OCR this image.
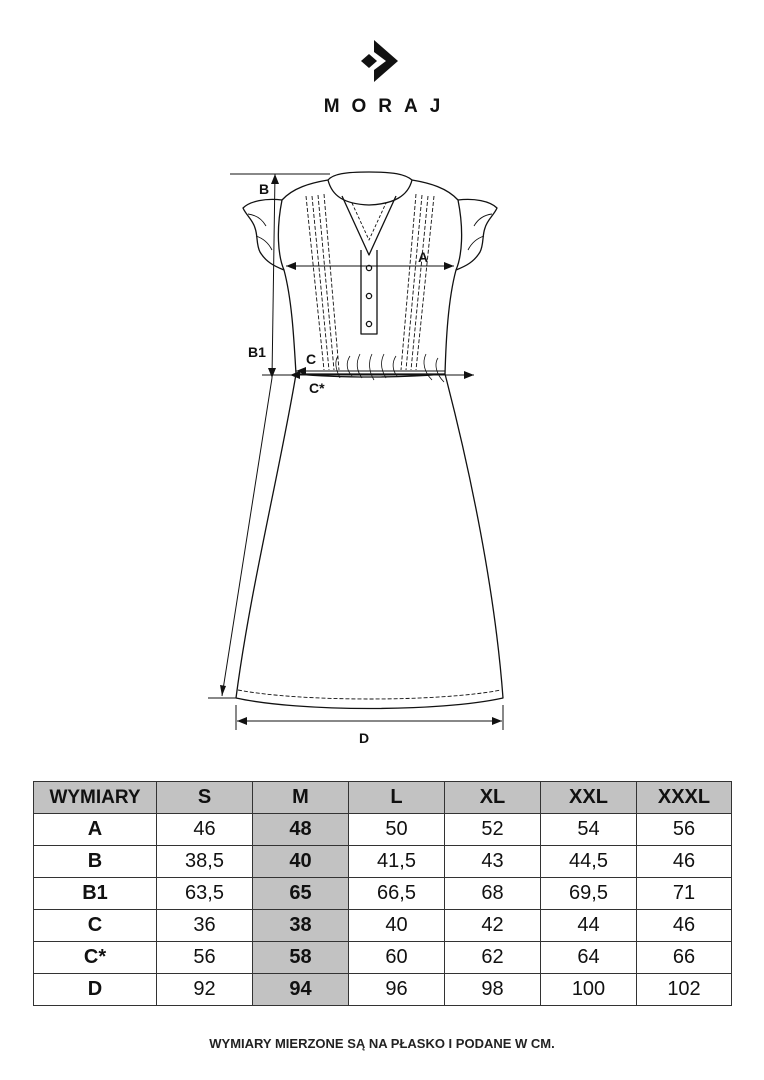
MORAJ
B
A
B1	C
C*
D
WYMIARY	S	M	L	XL	XXL	XXXL
A	46	48	50	52	54	56
B	38,5	40	41,5	43	44,5	46
B1	63,5	65	66,5	68	69,5	71
C	36	38	40	42	44	46
C*	56	58	60	62	64	66
D	92	94	96	98	100	102
WYMIARY MIERZONE SĄ NA PŁASKO I PODANE W CM.
